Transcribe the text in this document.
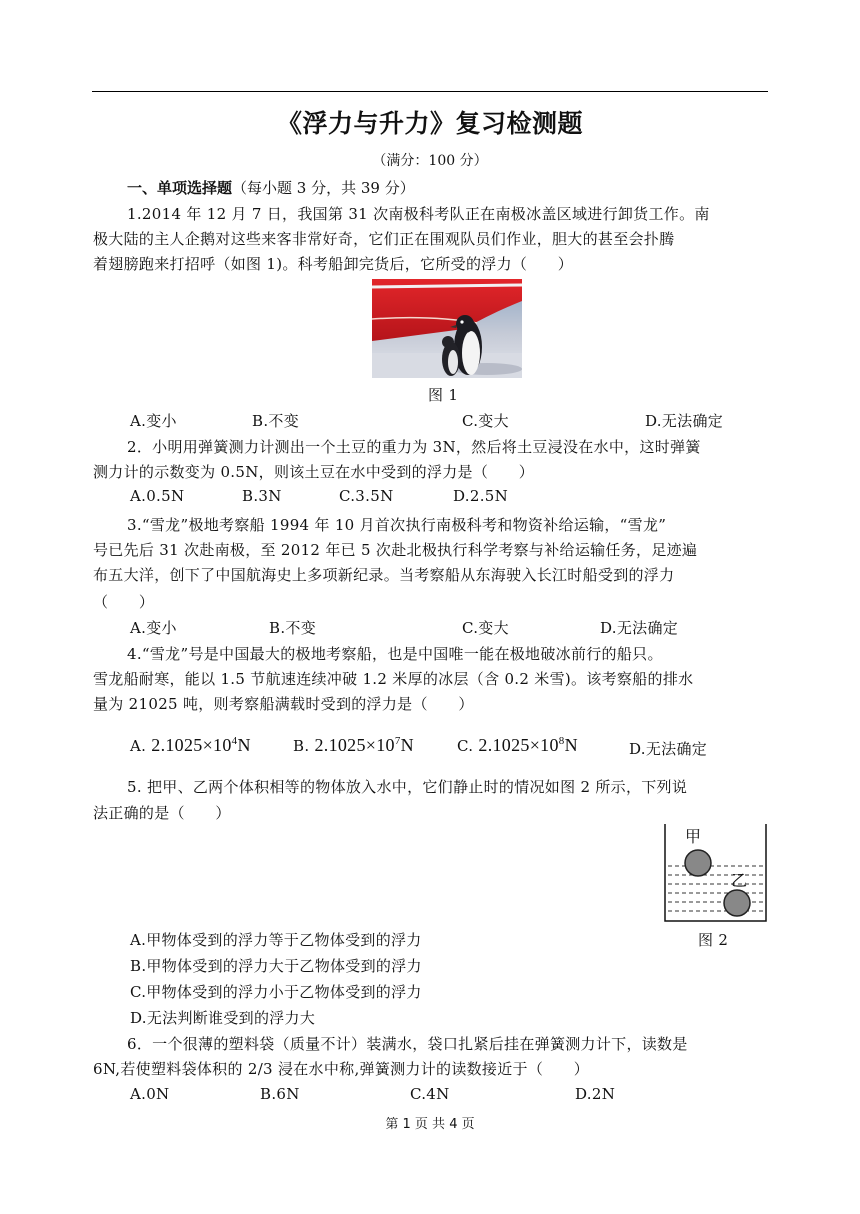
《浮力与升力》复习检测题
（满分：100 分）
一、单项选择题（每小题 3 分，共 39 分）
1.2014 年 12 月 7 日，我国第 31 次南极科考队正在南极冰盖区域进行卸货工作。南
极大陆的主人企鹅对这些来客非常好奇，它们正在围观队员们作业，胆大的甚至会扑腾
着翅膀跑来打招呼（如图 1)。科考船卸完货后，它所受的浮力（　　）
图 1
A.变小	B.不变	C.变大	D.无法确定
2．小明用弹簧测力计测出一个土豆的重力为 3N，然后将土豆浸没在水中，这时弹簧
测力计的示数变为 0.5N，则该土豆在水中受到的浮力是（　　）
A.0.5N	B.3N	C.3.5N	D.2.5N
3.“雪龙”极地考察船 1994 年 10 月首次执行南极科考和物资补给运输，“雪龙”
号已先后 31 次赴南极，至 2012 年已 5 次赴北极执行科学考察与补给运输任务，足迹遍
布五大洋，创下了中国航海史上多项新纪录。当考察船从东海驶入长江时船受到的浮力
（　　）
A.变小	B.不变	C.变大	D.无法确定
4.“雪龙”号是中国最大的极地考察船，也是中国唯一能在极地破冰前行的船只。
雪龙船耐寒，能以 1.5 节航速连续冲破 1.2 米厚的冰层（含 0.2 米雪)。该考察船的排水
量为 21025 吨，则考察船满载时受到的浮力是（　　）
A. $2.1025\times 10^4N$	B. $2.1025\times 10^7N$	C. $2.1025\times 10^8N$	D.无法确定
5. 把甲、乙两个体积相等的物体放入水中，它们静止时的情况如图 2 所示，下列说
法正确的是（　　）
甲
乙
A.甲物体受到的浮力等于乙物体受到的浮力	图 2
B.甲物体受到的浮力大于乙物体受到的浮力
C.甲物体受到的浮力小于乙物体受到的浮力
D.无法判断谁受到的浮力大
6．一个很薄的塑料袋（质量不计）装满水，袋口扎紧后挂在弹簧测力计下，读数是
6N,若使塑料袋体积的 2/3 浸在水中称,弹簧测力计的读数接近于（　　）
A.0N	B.6N	C.4N	D.2N
第 1 页 共 4 页
